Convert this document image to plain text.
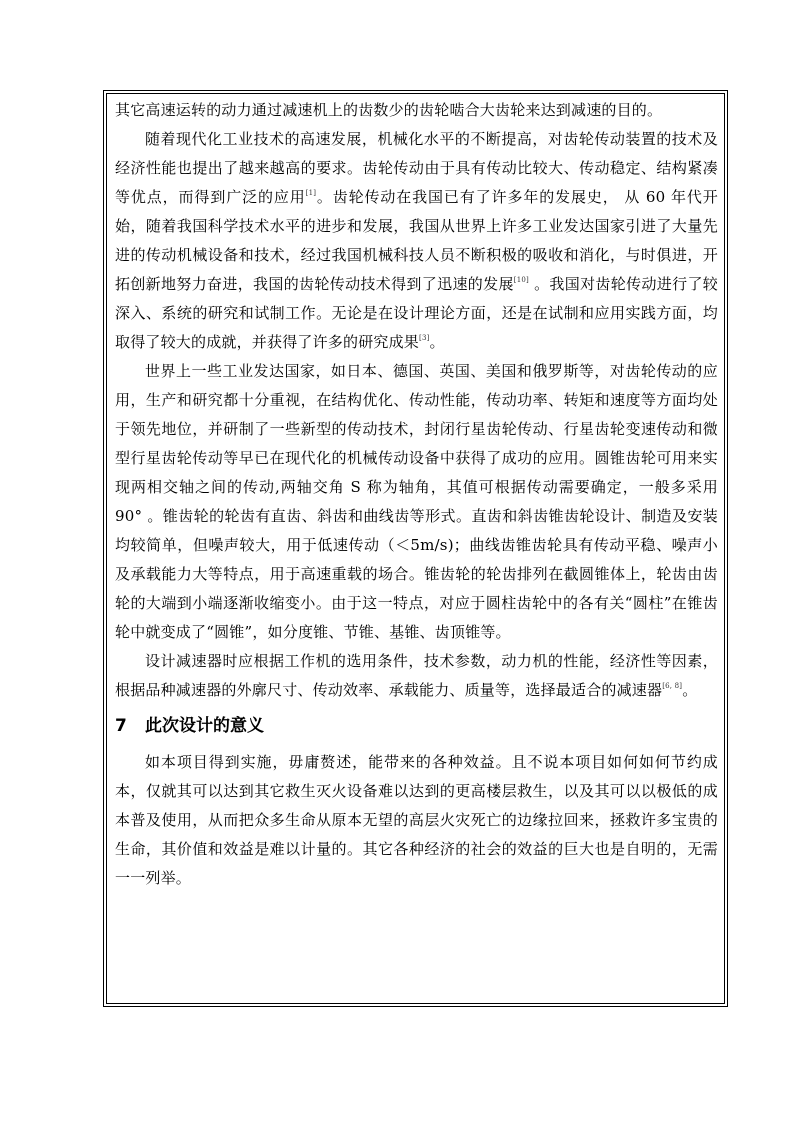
其它高速运转的动力通过减速机上的齿数少的齿轮啮合大齿轮来达到减速的目的。

随着现代化工业技术的高速发展，机械化水平的不断提高，对齿轮传动装置的技术及经济性能也提出了越来越高的要求。齿轮传动由于具有传动比较大、传动稳定、结构紧凑等优点，而得到广泛的应用[1]。齿轮传动在我国已有了许多年的发展史， 从 60 年代开始，随着我国科学技术水平的进步和发展，我国从世界上许多工业发达国家引进了大量先进的传动机械设备和技术，经过我国机械科技人员不断积极的吸收和消化，与时俱进，开拓创新地努力奋进，我国的齿轮传动技术得到了迅速的发展[10] 。我国对齿轮传动进行了较深入、系统的研究和试制工作。无论是在设计理论方面，还是在试制和应用实践方面，均取得了较大的成就，并获得了许多的研究成果[3]。

世界上一些工业发达国家，如日本、德国、英国、美国和俄罗斯等，对齿轮传动的应用，生产和研究都十分重视，在结构优化、传动性能，传动功率、转矩和速度等方面均处于领先地位，并研制了一些新型的传动技术，封闭行星齿轮传动、行星齿轮变速传动和微型行星齿轮传动等早已在现代化的机械传动设备中获得了成功的应用。圆锥齿轮可用来实现两相交轴之间的传动,两轴交角 S 称为轴角，其值可根据传动需要确定，一般多采用 90° 。锥齿轮的轮齿有直齿、斜齿和曲线齿等形式。直齿和斜齿锥齿轮设计、制造及安装均较简单，但噪声较大，用于低速传动（＜5m/s)；曲线齿锥齿轮具有传动平稳、噪声小及承载能力大等特点，用于高速重载的场合。锥齿轮的轮齿排列在截圆锥体上，轮齿由齿轮的大端到小端逐渐收缩变小。由于这一特点，对应于圆柱齿轮中的各有关“圆柱”在锥齿轮中就变成了“圆锥”，如分度锥、节锥、基锥、齿顶锥等。

设计减速器时应根据工作机的选用条件，技术参数，动力机的性能，经济性等因素，根据品种减速器的外廓尺寸、传动效率、承载能力、质量等，选择最适合的减速器[6, 8]。

7	此次设计的意义

如本项目得到实施，毋庸赘述，能带来的各种效益。且不说本项目如何如何节约成本，仅就其可以达到其它救生灭火设备难以达到的更高楼层救生，以及其可以以极低的成本普及使用，从而把众多生命从原本无望的高层火灾死亡的边缘拉回来，拯救许多宝贵的生命，其价值和效益是难以计量的。其它各种经济的社会的效益的巨大也是自明的，无需一一列举。
